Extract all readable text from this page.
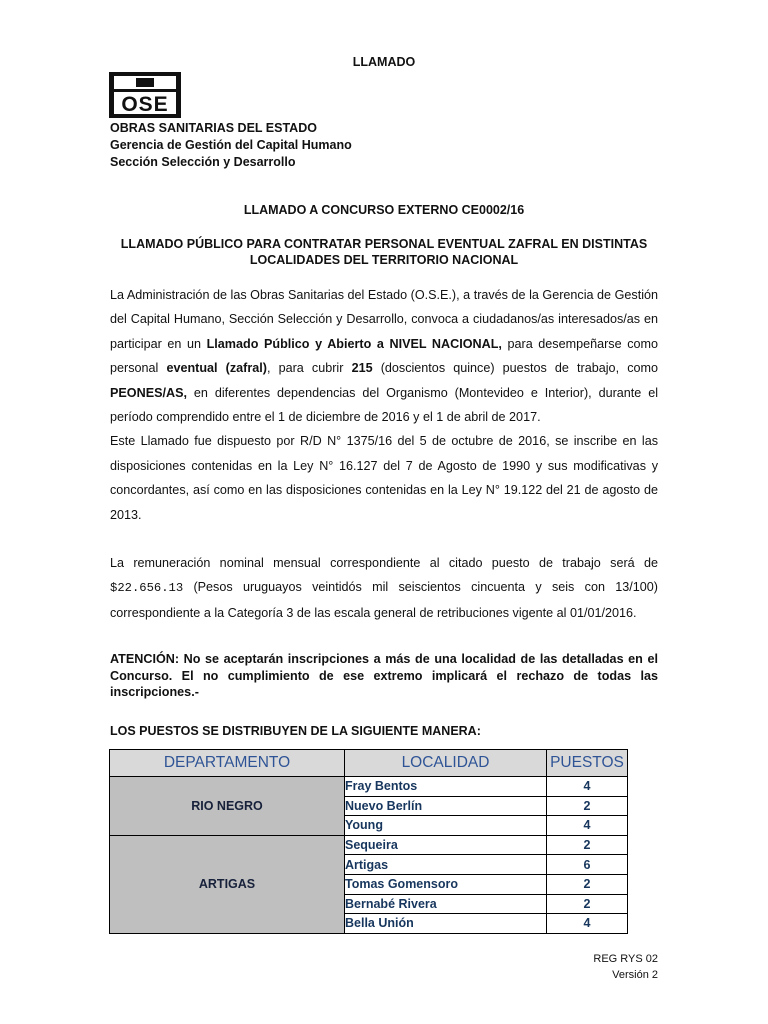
LLAMADO
OSE
OBRAS SANITARIAS DEL ESTADO
Gerencia de Gestión del Capital Humano
Sección Selección y Desarrollo
LLAMADO A CONCURSO EXTERNO CE0002/16
LLAMADO PÚBLICO PARA CONTRATAR PERSONAL EVENTUAL ZAFRAL EN DISTINTAS
LOCALIDADES DEL TERRITORIO NACIONAL
La Administración de las Obras Sanitarias del Estado (O.S.E.), a través de la Gerencia de Gestión del Capital Humano, Sección Selección y Desarrollo, convoca a ciudadanos/as interesados/as en participar en un Llamado Público y Abierto a NIVEL NACIONAL, para desempeñarse como personal eventual (zafral), para cubrir 215 (doscientos quince) puestos de trabajo, como PEONES/AS, en diferentes dependencias del Organismo (Montevideo e Interior), durante el período comprendido entre el 1 de diciembre de 2016 y el 1 de abril de 2017.
Este Llamado fue dispuesto por R/D N° 1375/16 del 5 de octubre de 2016, se inscribe en las disposiciones contenidas en la Ley N° 16.127 del 7 de Agosto de 1990 y sus modificativas y concordantes, así como en las disposiciones contenidas en la Ley N° 19.122 del 21 de agosto de 2013.
La remuneración nominal mensual correspondiente al citado puesto de trabajo será de $22.656.13 (Pesos uruguayos veintidós mil seiscientos cincuenta y seis con 13/100) correspondiente a la Categoría 3 de las escala general de retribuciones vigente al 01/01/2016.
ATENCIÓN: No se aceptarán inscripciones a más de una localidad de las detalladas en el Concurso. El no cumplimiento de ese extremo implicará el rechazo de todas las inscripciones.-
LOS PUESTOS SE DISTRIBUYEN DE LA SIGUIENTE MANERA:
DEPARTAMENTO	LOCALIDAD	PUESTOS
RIO NEGRO	Fray Bentos	4
	Nuevo Berlín	2
	Young	4
ARTIGAS	Sequeira	2
	Artigas	6
	Tomas Gomensoro	2
	Bernabé Rivera	2
	Bella Unión	4
REG RYS 02
Versión 2
